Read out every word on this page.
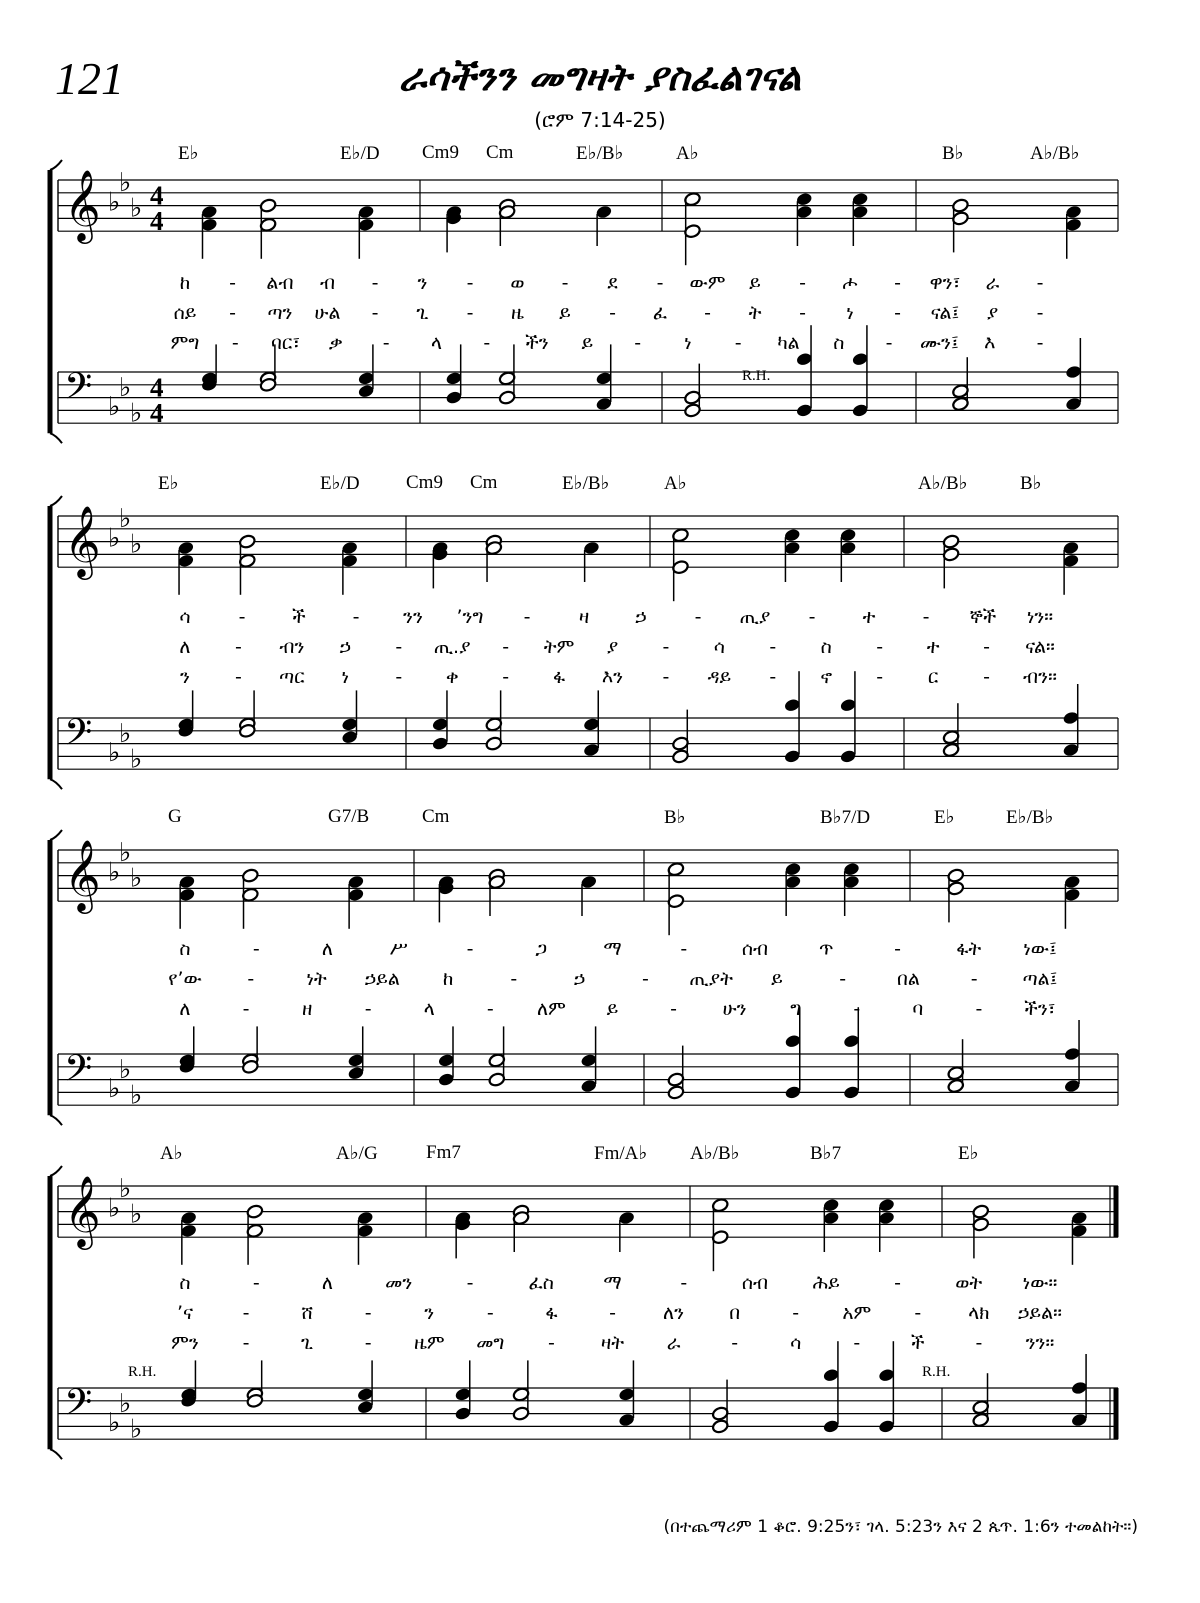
121	ራሳችንን መግዛት ያስፈልገናል
(ሮም 7:14-25)
E♭	E♭/D Cm9 Cm	E♭/B♭	A♭	B♭	A♭/B♭
𝄞 ♭
♭
♭ 4
4
𝄢 ♭
♭
♭
4
4
R.H.
ከ - ልብ ብ - ን - ወ - ደ - ውም ይ - ሖ - ዋን፣ ራ -
ሰይ - ጣን ሁል - ጊ - ዜ ይ - ፈ - ት - ነ - ናል፤ ያ -
ምግ - ባር፣ ቃ - ላ - ችን ይ - ነ - ካል ስ - ሙን፤ እ -
E♭	E♭/D Cm9 Cm	E♭/B♭	A♭	A♭/B♭	B♭
𝄞 ♭
♭
♭
𝄢 ♭
♭
♭
ሳ	- ች - ንን ’ንግ -	ዛ ኃ	- ጢያ - ተ - ኞች ነን።
ለ - ብን ኃ - ጢ.ያ - ትም ያ - ሳ - ስ - ተ - ናል።
ን - ጣር ነ - ቀ - ፋ እን - ዳይ - ኖ - ር - ብን።
G	G7/B	Cm	B♭	B♭7/D	E♭	E♭/B♭
𝄞 ♭
♭
♭
𝄢 ♭
♭
♭
ስ	-	ለ	ሥ	-	ጋ	ማ	-	ሰብ	ጥ	-	ፋት ነው፤
የ’ው -	ነት ኃይል ከ	-	ኃ	- ጢያት ይ	-	በል	- ጣል፤
ለ	-	ዘ	-	ላ	- ለም ይ	- ሁን ግ	-	ባ	- ችን፣
A♭	A♭/G	Fm7	Fm/A♭ A♭/B♭	B♭7	E♭
𝄞 ♭
♭
♭
𝄢 ♭
♭
♭
R.H.	R.H.
ስ	-	ለ	መን	-	ፈስ	ማ	-	ሰብ ሕይ	-	ወት ነው።
’ና	-	ሸ	-	ን	-	ፋ	- ለን በ	- አም - ላክ ኃይል።
ምን -	ጊ	- ዜም መግ - ዛት ራ	-	ሳ	-	ች	- ንን።
(በተጨማሪም 1 ቆሮ. 9:25ን፣ ገላ. 5:23ን እና 2 ጴጥ. 1:6ን ተመልከት።)
